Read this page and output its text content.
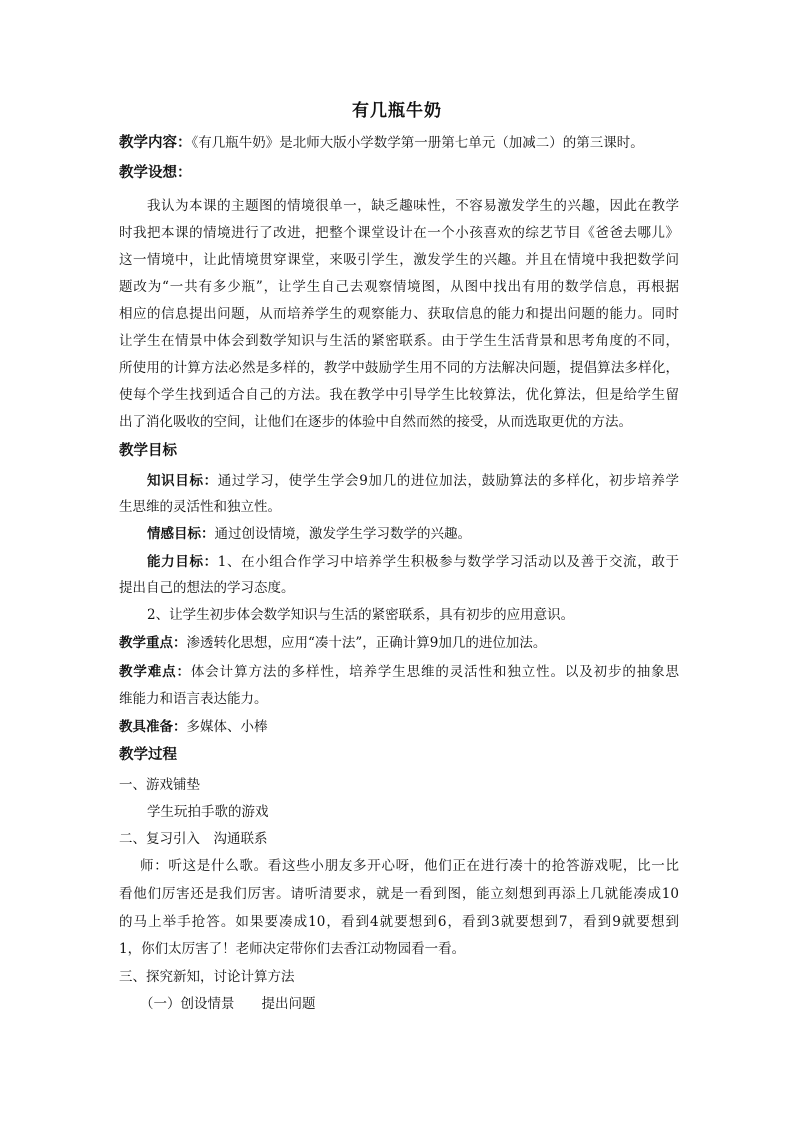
有几瓶牛奶
教学内容：《有几瓶牛奶》是北师大版小学数学第一册第七单元（加减二）的第三课时。
教学设想：
我认为本课的主题图的情境很单一，缺乏趣味性，不容易激发学生的兴趣，因此在教学
时我把本课的情境进行了改进，把整个课堂设计在一个小孩喜欢的综艺节目《爸爸去哪儿》
这一情境中，让此情境贯穿课堂，来吸引学生，激发学生的兴趣。并且在情境中我把数学问
题改为“一共有多少瓶”，让学生自己去观察情境图，从图中找出有用的数学信息，再根据
相应的信息提出问题，从而培养学生的观察能力、获取信息的能力和提出问题的能力。同时
让学生在情景中体会到数学知识与生活的紧密联系。由于学生生活背景和思考角度的不同，
所使用的计算方法必然是多样的，教学中鼓励学生用不同的方法解决问题，提倡算法多样化，
使每个学生找到适合自己的方法。我在教学中引导学生比较算法，优化算法，但是给学生留
出了消化吸收的空间，让他们在逐步的体验中自然而然的接受，从而选取更优的方法。
教学目标
知识目标：通过学习，使学生学会9加几的进位加法，鼓励算法的多样化，初步培养学
生思维的灵活性和独立性。
情感目标：通过创设情境，激发学生学习数学的兴趣。
能力目标：1、在小组合作学习中培养学生积极参与数学学习活动以及善于交流，敢于
提出自己的想法的学习态度。
2、让学生初步体会数学知识与生活的紧密联系，具有初步的应用意识。
教学重点：渗透转化思想，应用“凑十法”，正确计算9加几的进位加法。
教学难点：体会计算方法的多样性，培养学生思维的灵活性和独立性。以及初步的抽象思
维能力和语言表达能力。
教具准备：多媒体、小棒
教学过程
一、游戏铺垫
学生玩拍手歌的游戏
二、复习引入　沟通联系
师：听这是什么歌。看这些小朋友多开心呀，他们正在进行凑十的抢答游戏呢，比一比
看他们厉害还是我们厉害。请听清要求，就是一看到图，能立刻想到再添上几就能凑成10
的马上举手抢答。如果要凑成10，看到4就要想到6，看到3就要想到7，看到9就要想到
1，你们太厉害了！老师决定带你们去香江动物园看一看。
三、探究新知，讨论计算方法
（一）创设情景　　提出问题
